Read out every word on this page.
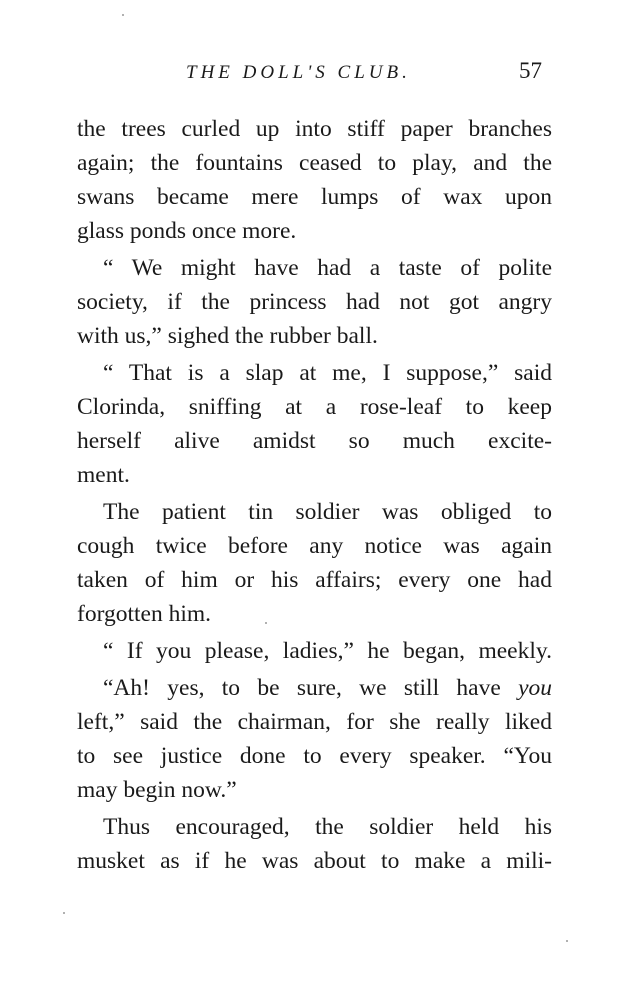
THE DOLL'S CLUB.	57
the trees curled up into stiff paper branches
again; the fountains ceased to play, and the
swans became mere lumps of wax upon
glass ponds once more.
“ We might have had a taste of polite
society, if the princess had not got angry
with us,” sighed the rubber ball.
“ That is a slap at me, I suppose,” said
Clorinda, sniffing at a rose-leaf to keep
herself alive amidst so much excite-
ment.
The patient tin soldier was obliged to
cough twice before any notice was again
taken of him or his affairs; every one had
forgotten him.
“ If you please, ladies,” he began, meekly.
“Ah! yes, to be sure, we still have you
left,” said the chairman, for she really liked
to see justice done to every speaker. “You
may begin now.”
Thus encouraged, the soldier held his
musket as if he was about to make a mili-
